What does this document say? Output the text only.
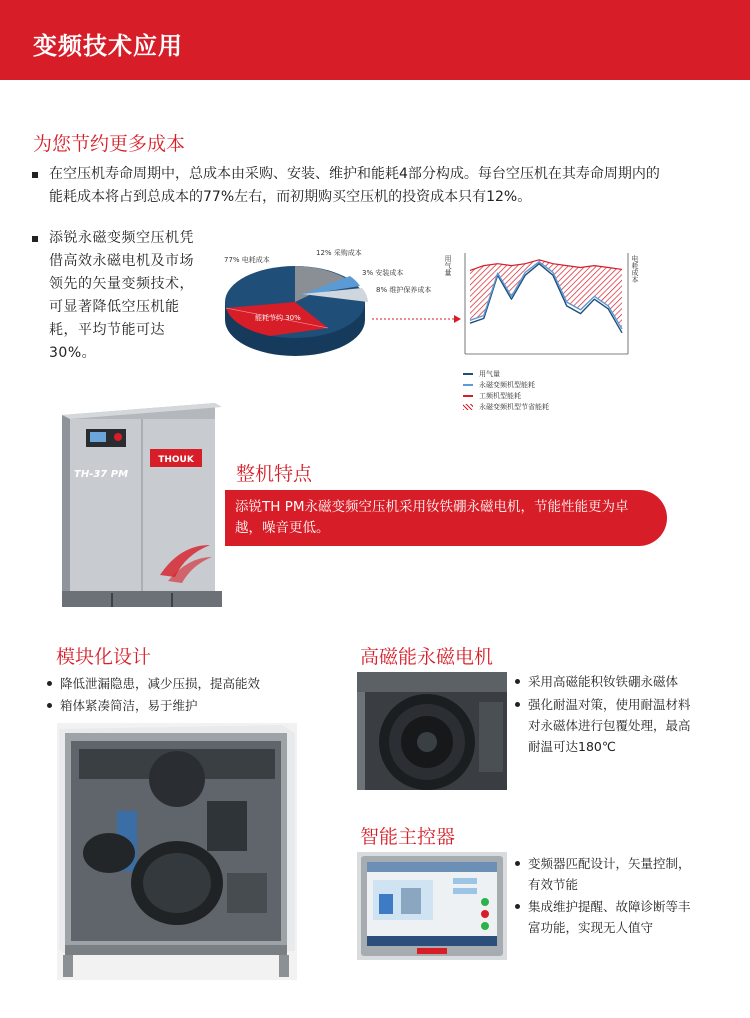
变频技术应用
为您节约更多成本
在空压机寿命周期中，总成本由采购、安装、维护和能耗4部分构成。每台空压机在其寿命周期内的能耗成本将占到总成本的77%左右，而初期购买空压机的投资成本只有12%。
添锐永磁变频空压机凭借高效永磁电机及市场领先的矢量变频技术，可显著降低空压机能耗，平均节能可达30%。
77% 电耗成本
12% 采购成本
3% 安装成本
8% 维护保养成本
能耗节约 30%
用气量	电耗成本
用气量
永磁变频机型能耗
工频机型能耗
永磁变频机型节省能耗
THOUK
TH-37 PM	整机特点

添锐TH PM永磁变频空压机采用钕铁硼永磁电机，节能性能更为卓越，噪音更低。

模块化设计
降低泄漏隐患，减少压损，提高能效
箱体紧凑简洁，易于维护
高磁能永磁电机
采用高磁能积钕铁硼永磁体
强化耐温对策，使用耐温材料对永磁体进行包覆处理，最高耐温可达180℃
智能主控器
变频器匹配设计，矢量控制，有效节能
集成维护提醒、故障诊断等丰富功能，实现无人值守
